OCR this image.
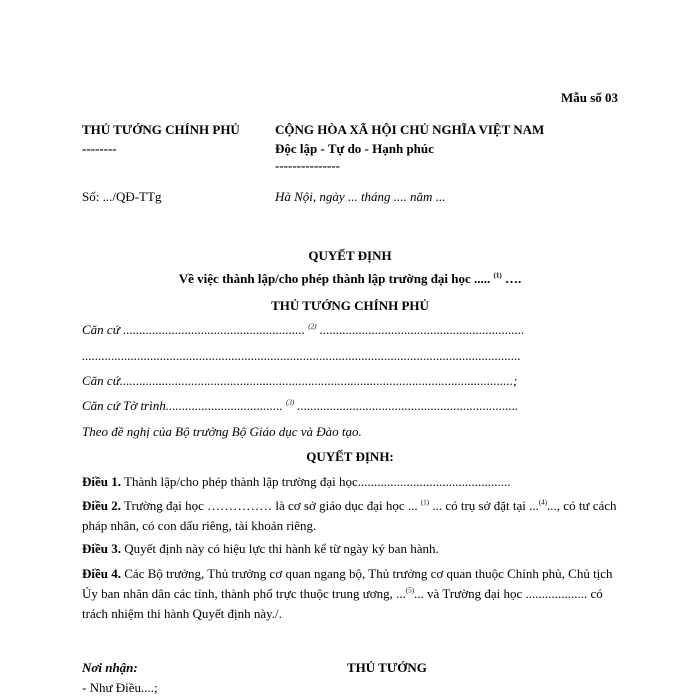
Mẫu số 03
THỦ TƯỚNG CHÍNH PHỦ
--------
CỘNG HÒA XÃ HỘI CHỦ NGHĨA VIỆT NAM
Độc lập - Tự do - Hạnh phúc
---------------
Số: .../QĐ-TTg	Hà Nội, ngày ... tháng .... năm ...
QUYẾT ĐỊNH
Về việc thành lập/cho phép thành lập trường đại học ..... $^{(1)}$ ….
THỦ TƯỚNG CHÍNH PHỦ
Căn cứ ........................................................ $^{(2)}$ ...............................................................
.......................................................................................................................................
Căn cứ.........................................................................................................................;
Căn cứ Tờ trình.................................... $^{(3)}$ ....................................................................
Theo đề nghị của Bộ trưởng Bộ Giáo dục và Đào tạo.
QUYẾT ĐỊNH:
Điều 1. Thành lập/cho phép thành lập trường đại học...............................................
Điều 2. Trường đại học …………… là cơ sở giáo dục đại học ... $^{(1)}$ ... có trụ sở đặt tại ...$^{(4)}$..., có tư cách pháp nhân, có con dấu riêng, tài khoản riêng.
Điều 3. Quyết định này có hiệu lực thi hành kể từ ngày ký ban hành.
Điều 4. Các Bộ trưởng, Thủ trưởng cơ quan ngang bộ, Thủ trưởng cơ quan thuộc Chính phủ, Chủ tịch Ủy ban nhân dân các tỉnh, thành phố trực thuộc trung ương, ...$^{(5)}$... và Trường đại học ................... có trách nhiệm thi hành Quyết định này./.
Nơi nhận:
- Như Điều....;
THỦ TƯỚNG
